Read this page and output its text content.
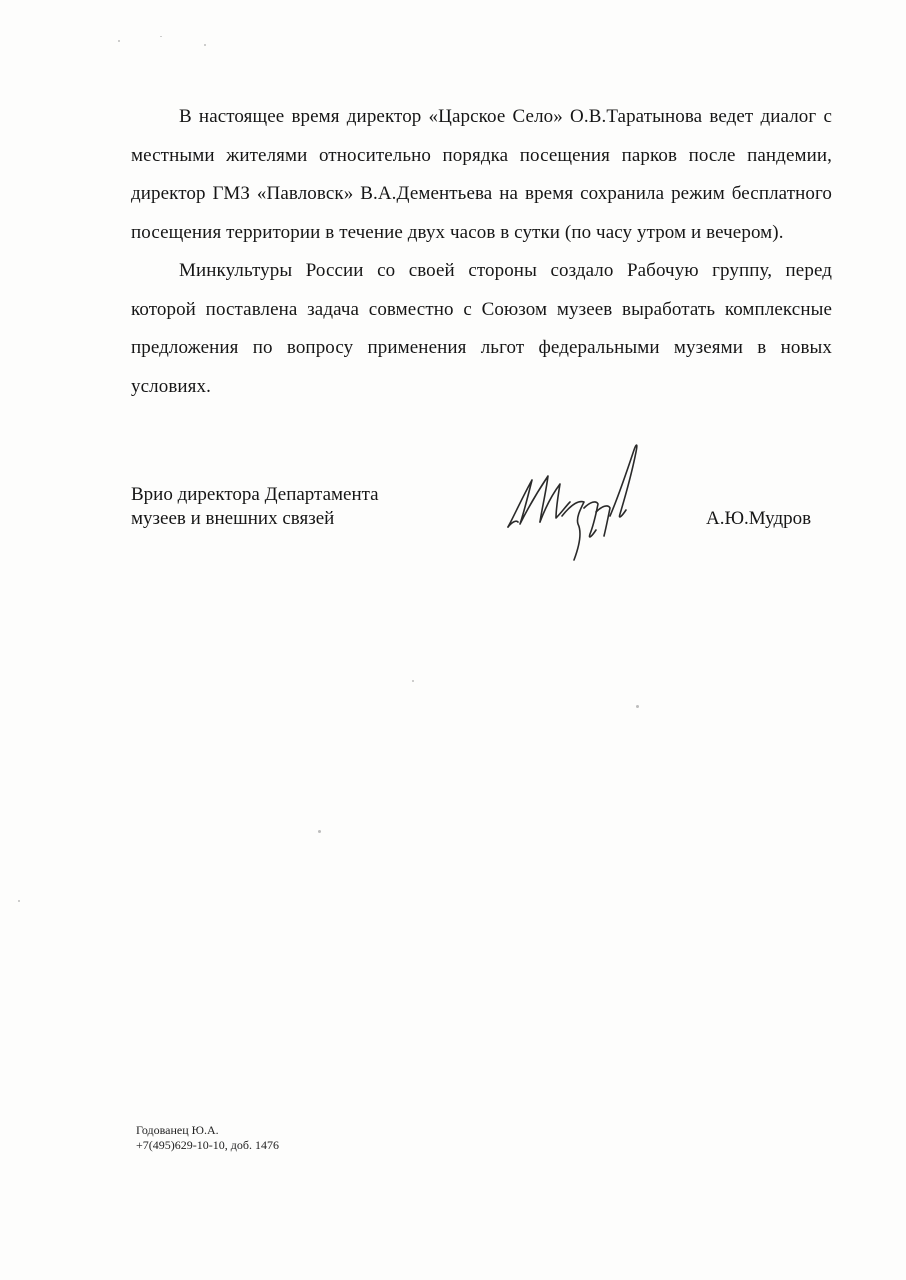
В настоящее время директор «Царское Село» О.В.Таратынова ведет диалог с местными жителями относительно порядка посещения парков после пандемии, директор ГМЗ «Павловск» В.А.Дементьева на время сохранила режим бесплатного посещения территории в течение двух часов в сутки (по часу утром и вечером).

Минкультуры России со своей стороны создало Рабочую группу, перед которой поставлена задача совместно с Союзом музеев выработать комплексные предложения по вопросу применения льгот федеральными музеями в новых условиях.

Врио директора Департамента
музеев и внешних связей	А.Ю.Мудров
Годованец Ю.А.
+7(495)629-10-10, доб. 1476
